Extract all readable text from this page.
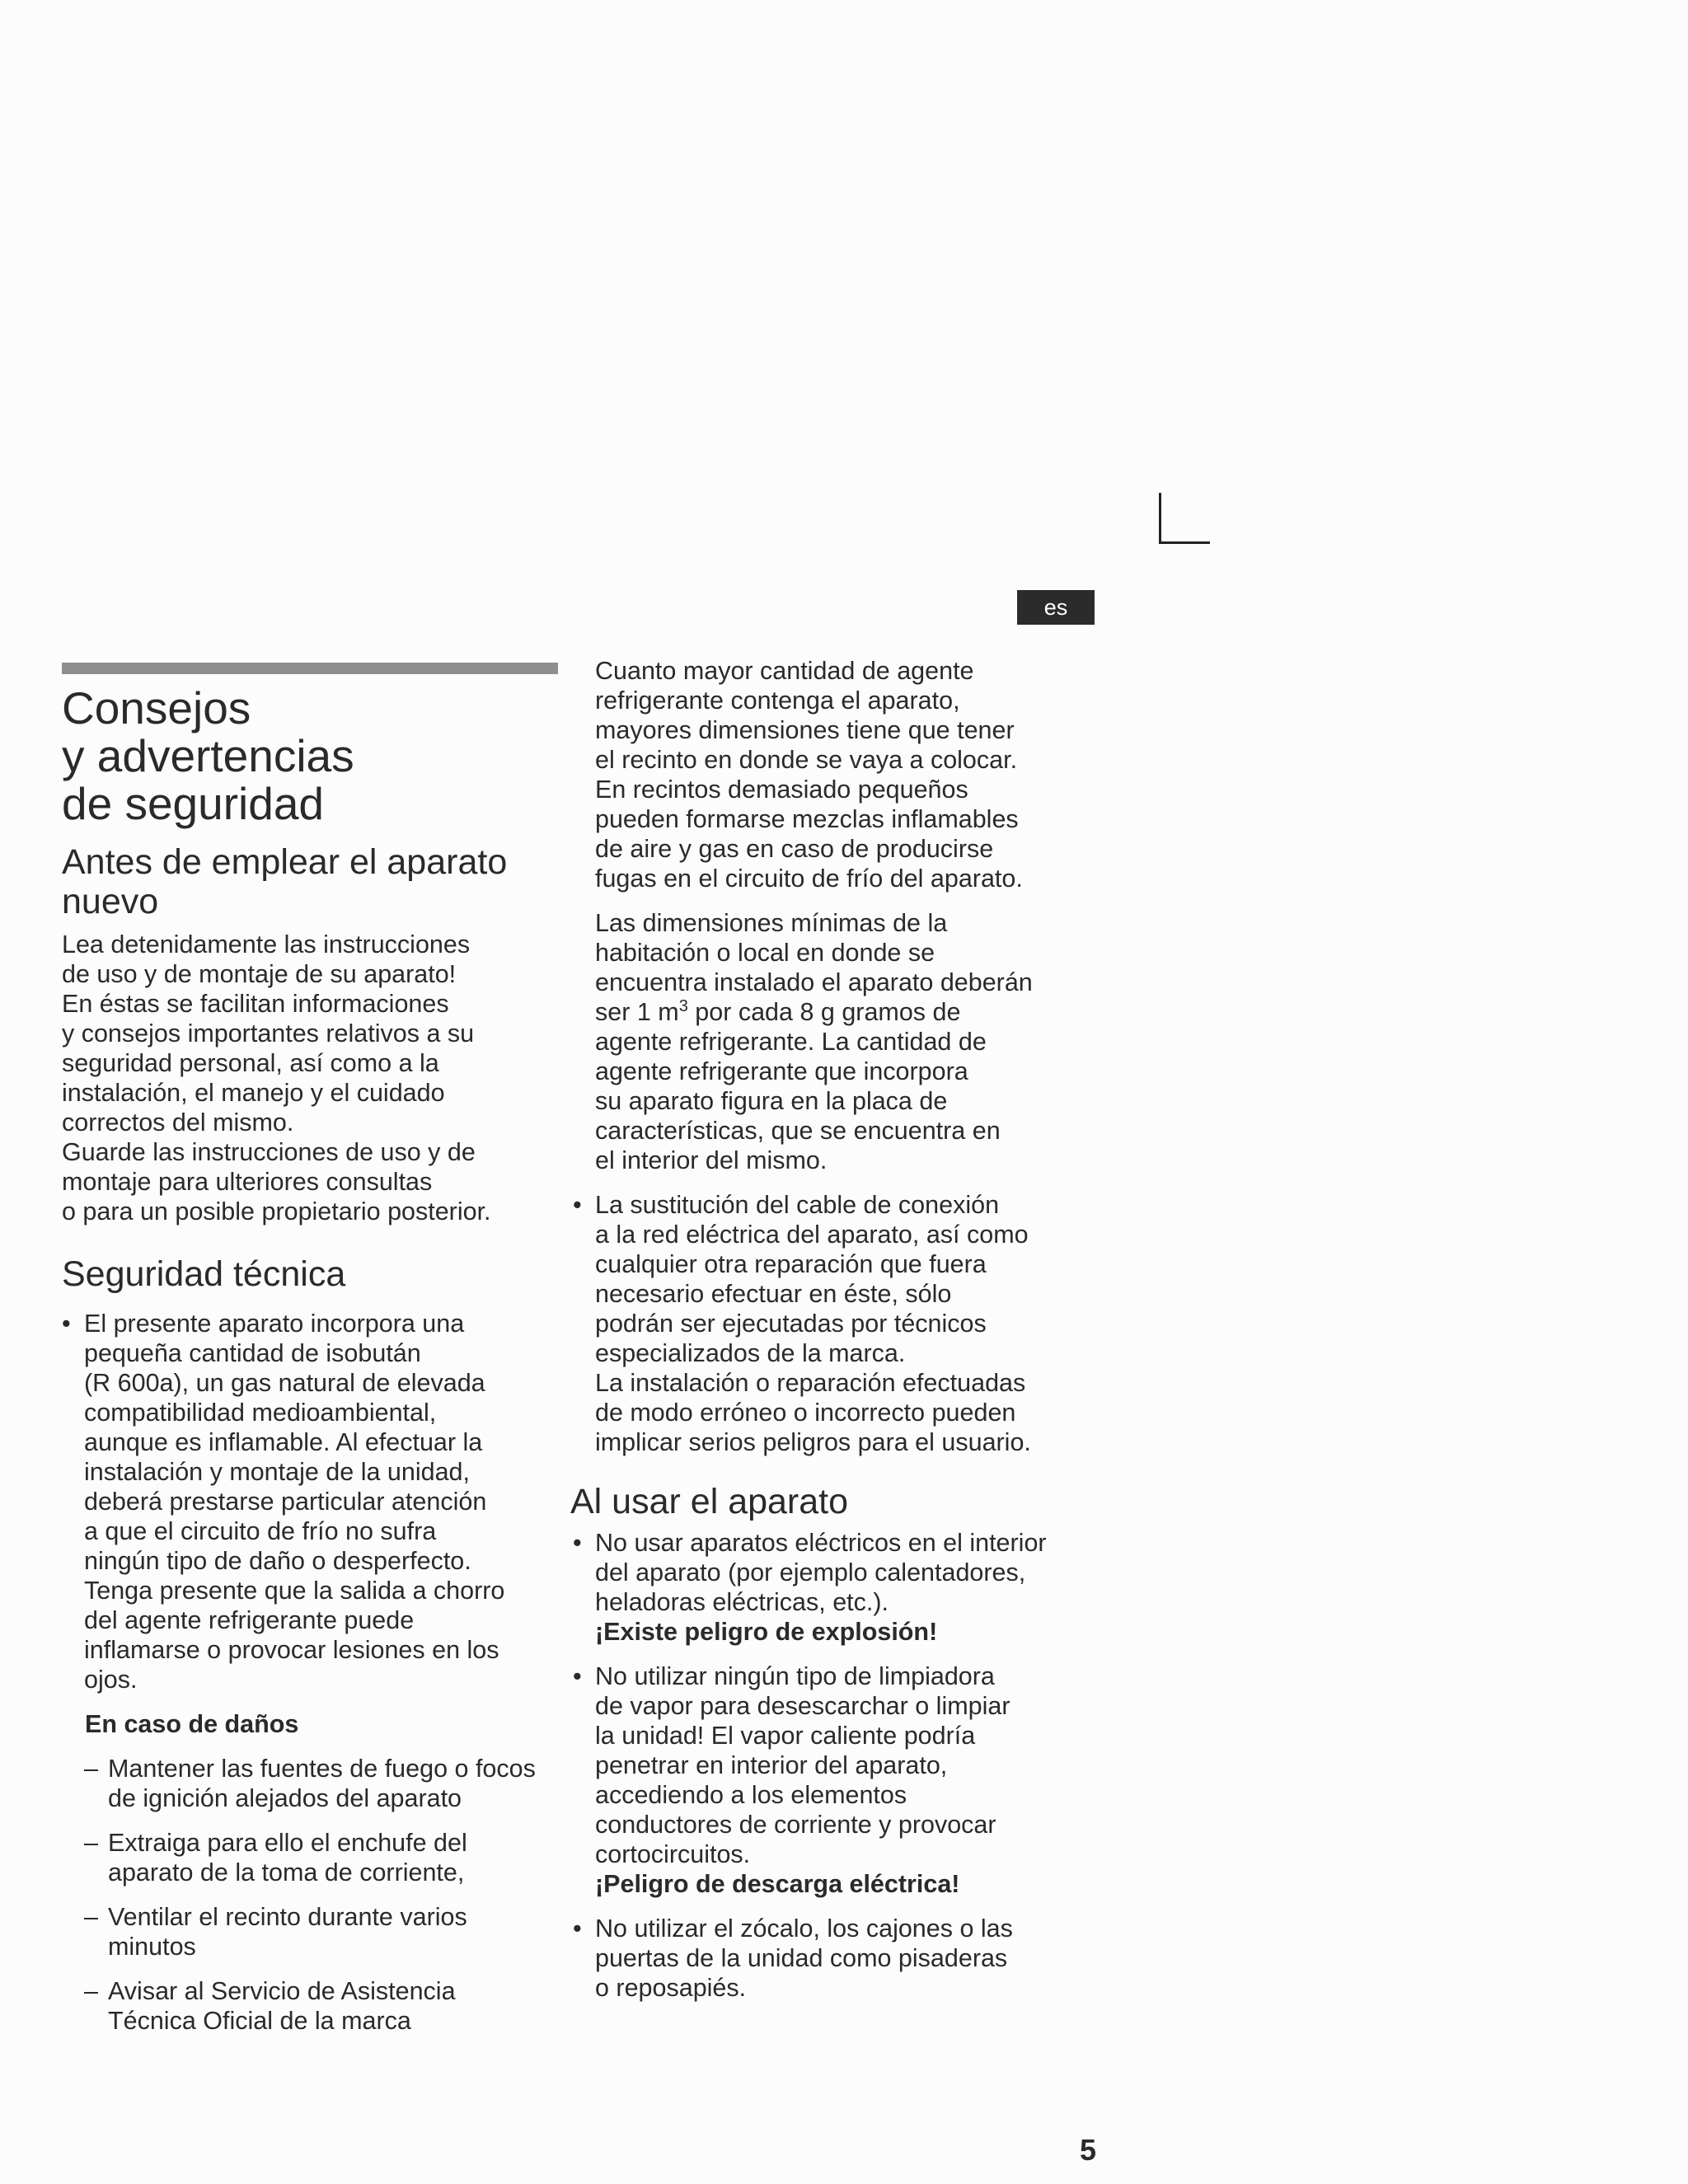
es
Consejos
y advertencias
de seguridad
Antes de emplear el aparato nuevo

Lea detenidamente las instrucciones
de uso y de montaje de su aparato!
En éstas se facilitan informaciones
y consejos importantes relativos a su
seguridad personal, así como a la
instalación, el manejo y el cuidado
correctos del mismo.
Guarde las instrucciones de uso y de
montaje para ulteriores consultas
o para un posible propietario posterior.

Seguridad técnica
• El presente aparato incorpora una
pequeña cantidad de isobután
(R 600a), un gas natural de elevada
compatibilidad medioambiental,
aunque es inflamable. Al efectuar la
instalación y montaje de la unidad,
deberá prestarse particular atención
a que el circuito de frío no sufra
ningún tipo de daño o desperfecto.
Tenga presente que la salida a chorro
del agente refrigerante puede
inflamarse o provocar lesiones en los
ojos.

En caso de daños

– Mantener las fuentes de fuego o focos
de ignición alejados del aparato
– Extraiga para ello el enchufe del
aparato de la toma de corriente,
– Ventilar el recinto durante varios
minutos
– Avisar al Servicio de Asistencia
Técnica Oficial de la marca

Cuanto mayor cantidad de agente
refrigerante contenga el aparato,
mayores dimensiones tiene que tener
el recinto en donde se vaya a colocar.
En recintos demasiado pequeños
pueden formarse mezclas inflamables
de aire y gas en caso de producirse
fugas en el circuito de frío del aparato.

Las dimensiones mínimas de la
habitación o local en donde se
encuentra instalado el aparato deberán
ser 1 $m^3$ por cada 8 g gramos de
agente refrigerante. La cantidad de
agente refrigerante que incorpora
su aparato figura en la placa de
características, que se encuentra en
el interior del mismo.

• La sustitución del cable de conexión
a la red eléctrica del aparato, así como
cualquier otra reparación que fuera
necesario efectuar en éste, sólo
podrán ser ejecutadas por técnicos
especializados de la marca.
La instalación o reparación efectuadas
de modo erróneo o incorrecto pueden
implicar serios peligros para el usuario.
Al usar el aparato
• No usar aparatos eléctricos en el interior
del aparato (por ejemplo calentadores,
heladoras eléctricas, etc.).
¡Existe peligro de explosión!
• No utilizar ningún tipo de limpiadora
de vapor para desescarchar o limpiar
la unidad! El vapor caliente podría
penetrar en interior del aparato,
accediendo a los elementos
conductores de corriente y provocar
cortocircuitos.
¡Peligro de descarga eléctrica!
• No utilizar el zócalo, los cajones o las
puertas de la unidad como pisaderas
o reposapiés.
5
